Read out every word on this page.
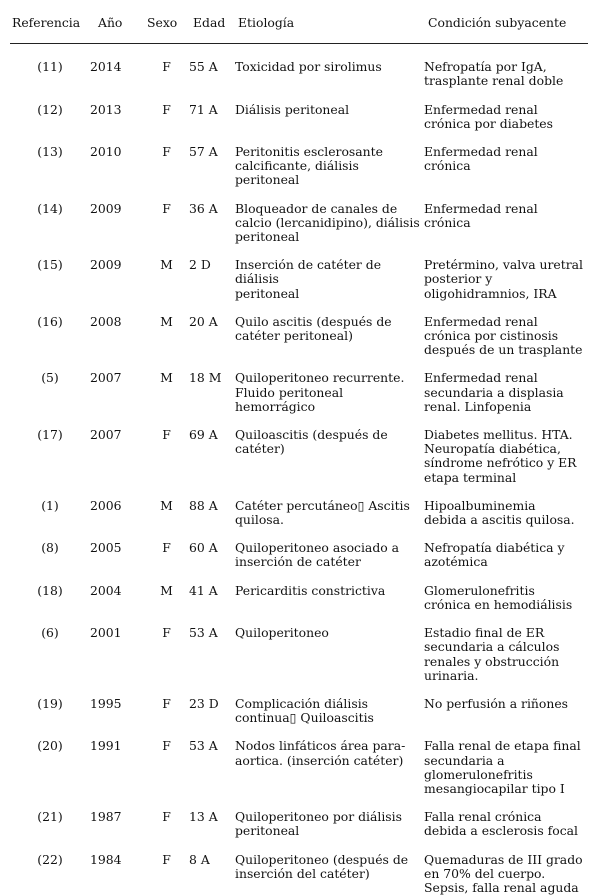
Referencia	Año	Sexo	Edad	Etiología	Condición subyacente

(11)	2014	F	55 A	Toxicidad por sirolimus	Nefropatía por IgA,
trasplante renal doble

(12)	2013	F	71 A	Diálisis peritoneal	Enfermedad renal
crónica por diabetes

(13)	2010	F	57 A	Peritonitis esclerosante
calcificante, diálisis peritoneal	Enfermedad renal
crónica

(14)	2009	F	36 A	Bloqueador de canales de
calcio (lercanidipino), diálisis
peritoneal	Enfermedad renal
crónica

(15)	2009	M	2 D	Inserción de catéter de diálisis
peritoneal	Pretérmino, valva uretral
posterior y
oligohidramnios, IRA

(16)	2008	M	20 A	Quilo ascitis (después de
catéter peritoneal)	Enfermedad renal
crónica por cistinosis
después de un trasplante

(5)	2007	M	18 M	Quiloperitoneo recurrente.
Fluido peritoneal hemorrágico	Enfermedad renal
secundaria a displasia
renal. Linfopenia

(17)	2007	F	69 A	Quiloascitis (después de
catéter)	Diabetes mellitus. HTA.
Neuropatía diabética,
síndrome nefrótico y ER
etapa terminal

(1)	2006	M	88 A	Catéter percutáneo▯ Ascitis
quilosa.	Hipoalbuminemia
debida a ascitis quilosa.

(8)	2005	F	60 A	Quiloperitoneo asociado a
inserción de catéter	Nefropatía diabética y
azotémica

(18)	2004	M	41 A	Pericarditis constrictiva	Glomerulonefritis
crónica en hemodiálisis

(6)	2001	F	53 A	Quiloperitoneo	Estadio final de ER
secundaria a cálculos
renales y obstrucción
urinaria.

(19)	1995	F	23 D	Complicación diálisis
continua▯ Quiloascitis	No perfusión a riñones

(20)	1991	F	53 A	Nodos linfáticos área para-
aortica. (inserción catéter)	Falla renal de etapa final
secundaria a
glomerulonefritis
mesangiocapilar tipo I

(21)	1987	F	13 A	Quiloperitoneo por diálisis
peritoneal	Falla renal crónica
debida a esclerosis focal

(22)	1984	F	8 A	Quiloperitoneo (después de
inserción del catéter)	Quemaduras de III grado
en 70% del cuerpo.
Sepsis, falla renal aguda
